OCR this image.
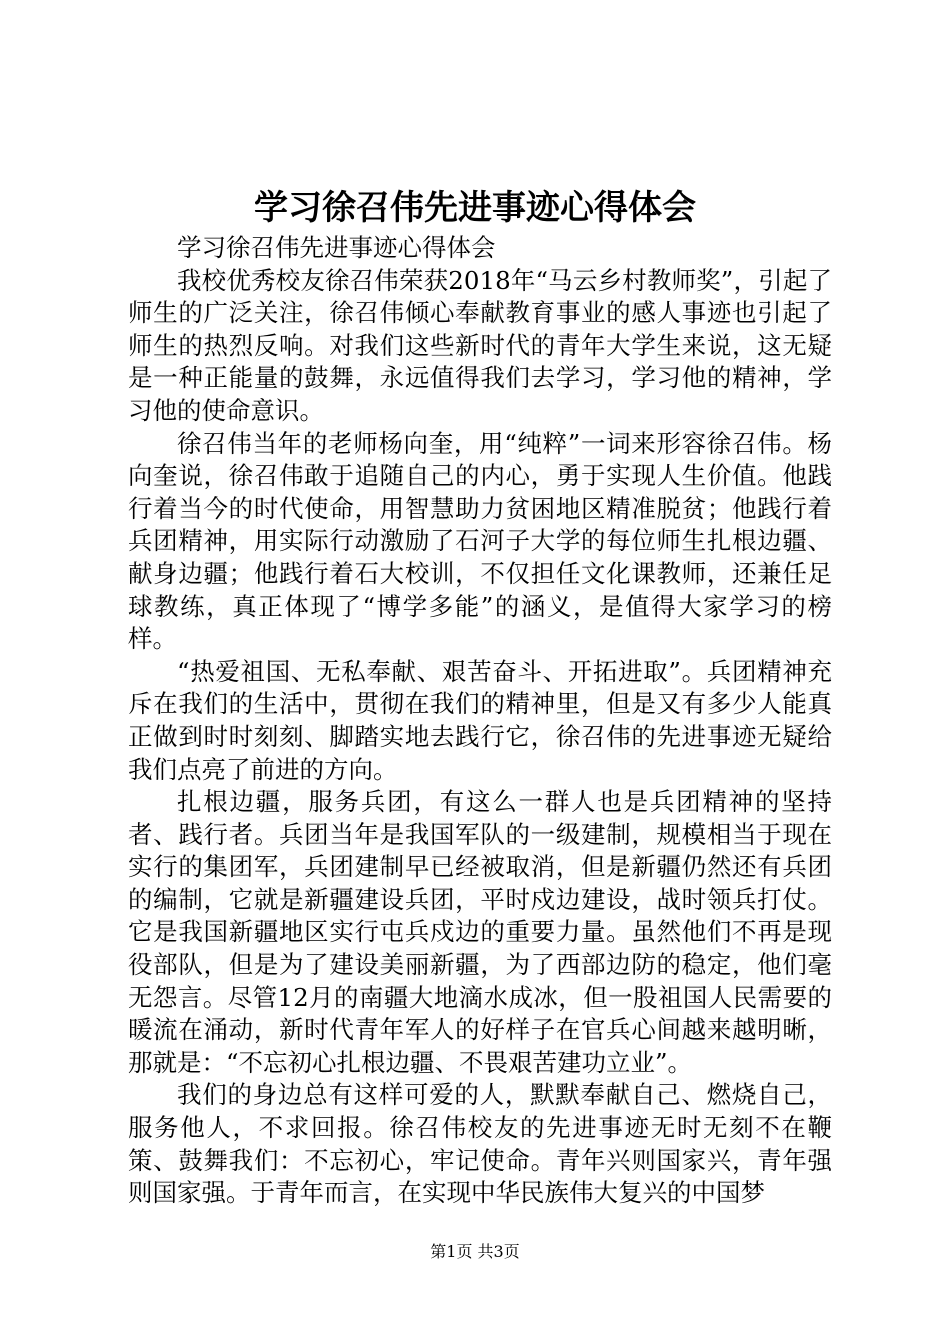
学习徐召伟先进事迹心得体会

学习徐召伟先进事迹心得体会

我校优秀校友徐召伟荣获2018年“马云乡村教师奖”，引起了师生的广泛关注，徐召伟倾心奉献教育事业的感人事迹也引起了师生的热烈反响。对我们这些新时代的青年大学生来说，这无疑是一种正能量的鼓舞，永远值得我们去学习，学习他的精神，学习他的使命意识。

徐召伟当年的老师杨向奎，用“纯粹”一词来形容徐召伟。杨向奎说，徐召伟敢于追随自己的内心，勇于实现人生价值。他践行着当今的时代使命，用智慧助力贫困地区精准脱贫；他践行着兵团精神，用实际行动激励了石河子大学的每位师生扎根边疆、献身边疆；他践行着石大校训，不仅担任文化课教师，还兼任足球教练，真正体现了“博学多能”的涵义，是值得大家学习的榜样。

“热爱祖国、无私奉献、艰苦奋斗、开拓进取”。兵团精神充斥在我们的生活中，贯彻在我们的精神里，但是又有多少人能真正做到时时刻刻、脚踏实地去践行它，徐召伟的先进事迹无疑给我们点亮了前进的方向。

扎根边疆，服务兵团，有这么一群人也是兵团精神的坚持者、践行者。兵团当年是我国军队的一级建制，规模相当于现在实行的集团军，兵团建制早已经被取消，但是新疆仍然还有兵团的编制，它就是新疆建设兵团，平时戍边建设，战时领兵打仗。它是我国新疆地区实行屯兵戍边的重要力量。虽然他们不再是现役部队，但是为了建设美丽新疆，为了西部边防的稳定，他们毫无怨言。尽管12月的南疆大地滴水成冰，但一股祖国人民需要的暖流在涌动，新时代青年军人的好样子在官兵心间越来越明晰，那就是：“不忘初心扎根边疆、不畏艰苦建功立业”。

我们的身边总有这样可爱的人，默默奉献自己、燃烧自己，服务他人，不求回报。徐召伟校友的先进事迹无时无刻不在鞭策、鼓舞我们：不忘初心，牢记使命。青年兴则国家兴，青年强则国家强。于青年而言，在实现中华民族伟大复兴的中国梦

第1页 共3页
